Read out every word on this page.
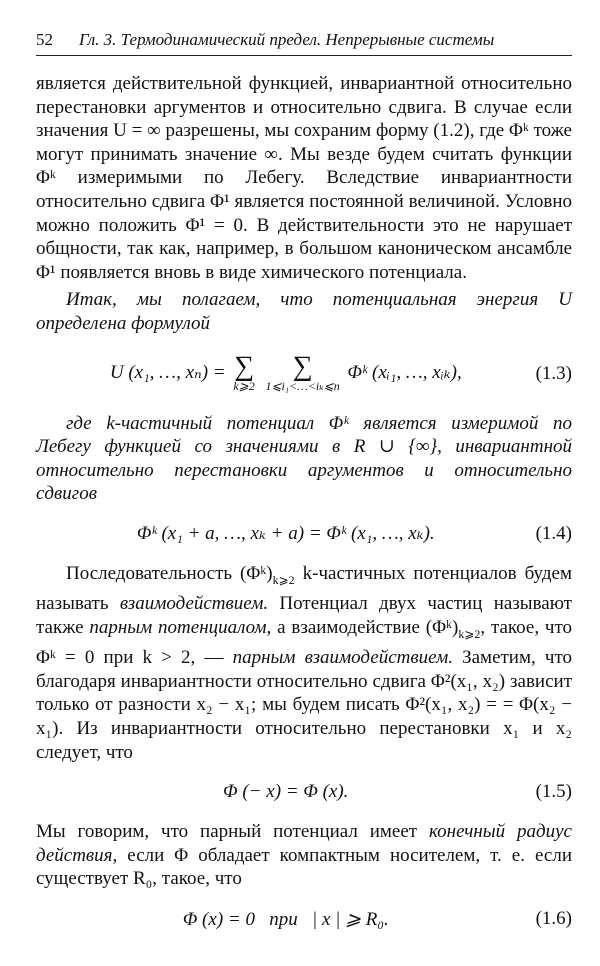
52 Гл. 3. Термодинамический предел. Непрерывные системы

является действительной функцией, инвариантной относительно перестановки аргументов и относительно сдвига. В случае если значения U = ∞ разрешены, мы сохраним форму (1.2), где Φᵏ тоже могут принимать значение ∞. Мы везде будем считать функции Φᵏ измеримыми по Лебегу. Вследствие инвариантности относительно сдвига Φ¹ является постоянной величиной. Условно можно положить Φ¹ = 0. В действительности это не нарушает общности, так как, например, в большом каноническом ансамбле Φ¹ появляется вновь в виде химического потенциала.

Итак, мы полагаем, что потенциальная энергия U определена формулой

U (x₁, …, xₙ) = ∑
k⩾2

∑
1⩽i₁<…<iₖ⩽n
Φᵏ (xᵢ₁, …, xᵢₖ),	(1.3)

где k-частичный потенциал Φᵏ является измеримой по Лебегу функцией со значениями в R ∪ {∞}, инвариантной относительно перестановки аргументов и относительно сдвигов

Φᵏ (x₁ + a, …, xₖ + a) = Φᵏ (x₁, …, xₖ).	(1.4)

Последовательность $(\Phi ᵏ)_{k⩾2}$ k-частичных потенциалов будем называть взаимодействием. Потенциал двух частиц называют также парным потенциалом, а взаимодействие $(\Phi ᵏ)_{k⩾2}$, такое, что Φᵏ = 0 при k > 2, — парным взаимодействием. Заметим, что благодаря инвариантности относительно сдвига Φ²(x₁, x₂) зависит только от разности x₂ − x₁; мы будем писать Φ²(x₁, x₂) = = Φ(x₂ − x₁). Из инвариантности относительно перестановки x₁ и x₂ следует, что

Φ (− x) = Φ (x).	(1.5)

Мы говорим, что парный потенциал имеет конечный радиус действия, если Φ обладает компактным носителем, т. е. если существует R₀, такое, что

Φ (x) = 0   при   | x | ⩾ R₀.	(1.6)
